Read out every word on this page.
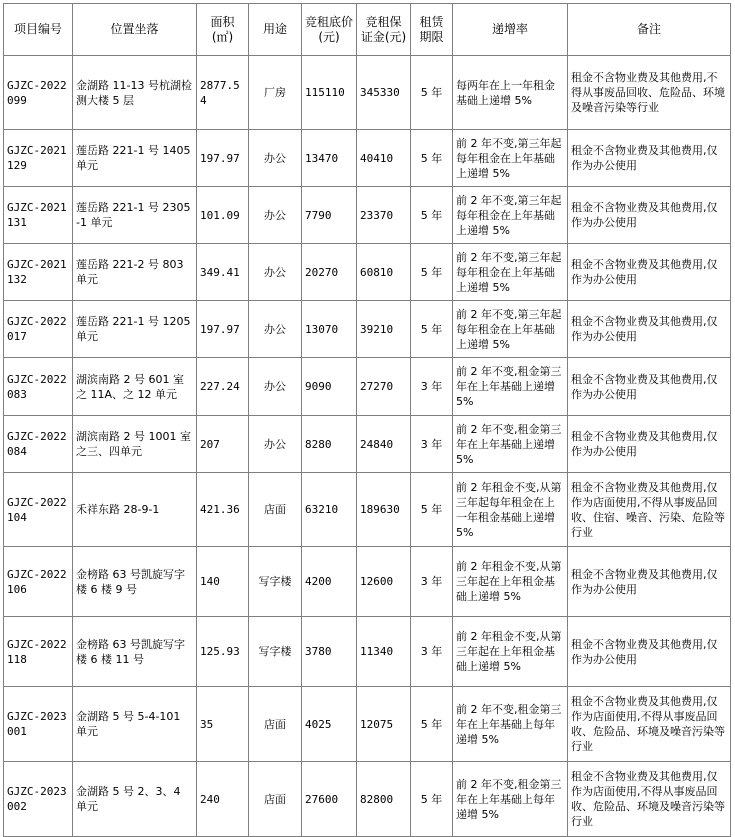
项目编号	位置坐落	面积(㎡)	用途	竞租底价(元)	竞租保证金(元)	租赁期限	递增率	备注
GJZC-2022099	金湖路 11-13 号杭湖检测大楼 5 层	2877.54	厂房	115110	345330	5 年	每两年在上一年租金基础上递增 5%	租金不含物业费及其他费用,不得从事废品回收、危险品、环境及噪音污染等行业
GJZC-2021129	莲岳路 221-1 号 1405 单元	197.97	办公	13470	40410	5 年	前 2 年不变,第三年起每年租金在上年基础上递增 5%	租金不含物业费及其他费用,仅作为办公使用
GJZC-2021131	莲岳路 221-1 号 2305-1 单元	101.09	办公	7790	23370	5 年	前 2 年不变,第三年起每年租金在上年基础上递增 5%	租金不含物业费及其他费用,仅作为办公使用
GJZC-2021132	莲岳路 221-2 号 803 单元	349.41	办公	20270	60810	5 年	前 2 年不变,第三年起每年租金在上年基础上递增 5%	租金不含物业费及其他费用,仅作为办公使用
GJZC-2022017	莲岳路 221-1 号 1205 单元	197.97	办公	13070	39210	5 年	前 2 年不变,第三年起每年租金在上年基础上递增 5%	租金不含物业费及其他费用,仅作为办公使用
GJZC-2022083	湖滨南路 2 号 601 室之 11A、之 12 单元	227.24	办公	9090	27270	3 年	前 2 年不变,租金第三年在上年基础上递增 5%	租金不含物业费及其他费用,仅作为办公使用
GJZC-2022084	湖滨南路 2 号 1001 室之三、四单元	207	办公	8280	24840	3 年	前 2 年不变,租金第三年在上年基础上递增 5%	租金不含物业费及其他费用,仅作为办公使用
GJZC-2022104	禾祥东路 28-9-1	421.36	店面	63210	189630	5 年	前 2 年租金不变,从第三年起每年租金在上一年租金基础上递增 5%	租金不含物业费及其他费用,仅作为店面使用,不得从事废品回收、住宿、噪音、污染、危险等行业
GJZC-2022106	金榜路 63 号凯旋写字楼 6 楼 9 号	140	写字楼	4200	12600	3 年	前 2 年租金不变,从第三年起在上年租金基础上递增 5%	租金不含物业费及其他费用,仅作为办公使用
GJZC-2022118	金榜路 63 号凯旋写字楼 6 楼 11 号	125.93	写字楼	3780	11340	3 年	前 2 年租金不变,从第三年起在上年租金基础上递增 5%	租金不含物业费及其他费用,仅作为办公使用
GJZC-2023001	金湖路 5 号 5-4-101 单元	35	店面	4025	12075	5 年	前 2 年不变,租金第三年在上年基础上每年递增 5%	租金不含物业费及其他费用,仅作为店面使用,不得从事废品回收、危险品、环境及噪音污染等行业
GJZC-2023002	金湖路 5 号 2、3、4 单元	240	店面	27600	82800	5 年	前 2 年不变,租金第三年在上年基础上每年递增 5%	租金不含物业费及其他费用,仅作为店面使用,不得从事废品回收、危险品、环境及噪音污染等行业
